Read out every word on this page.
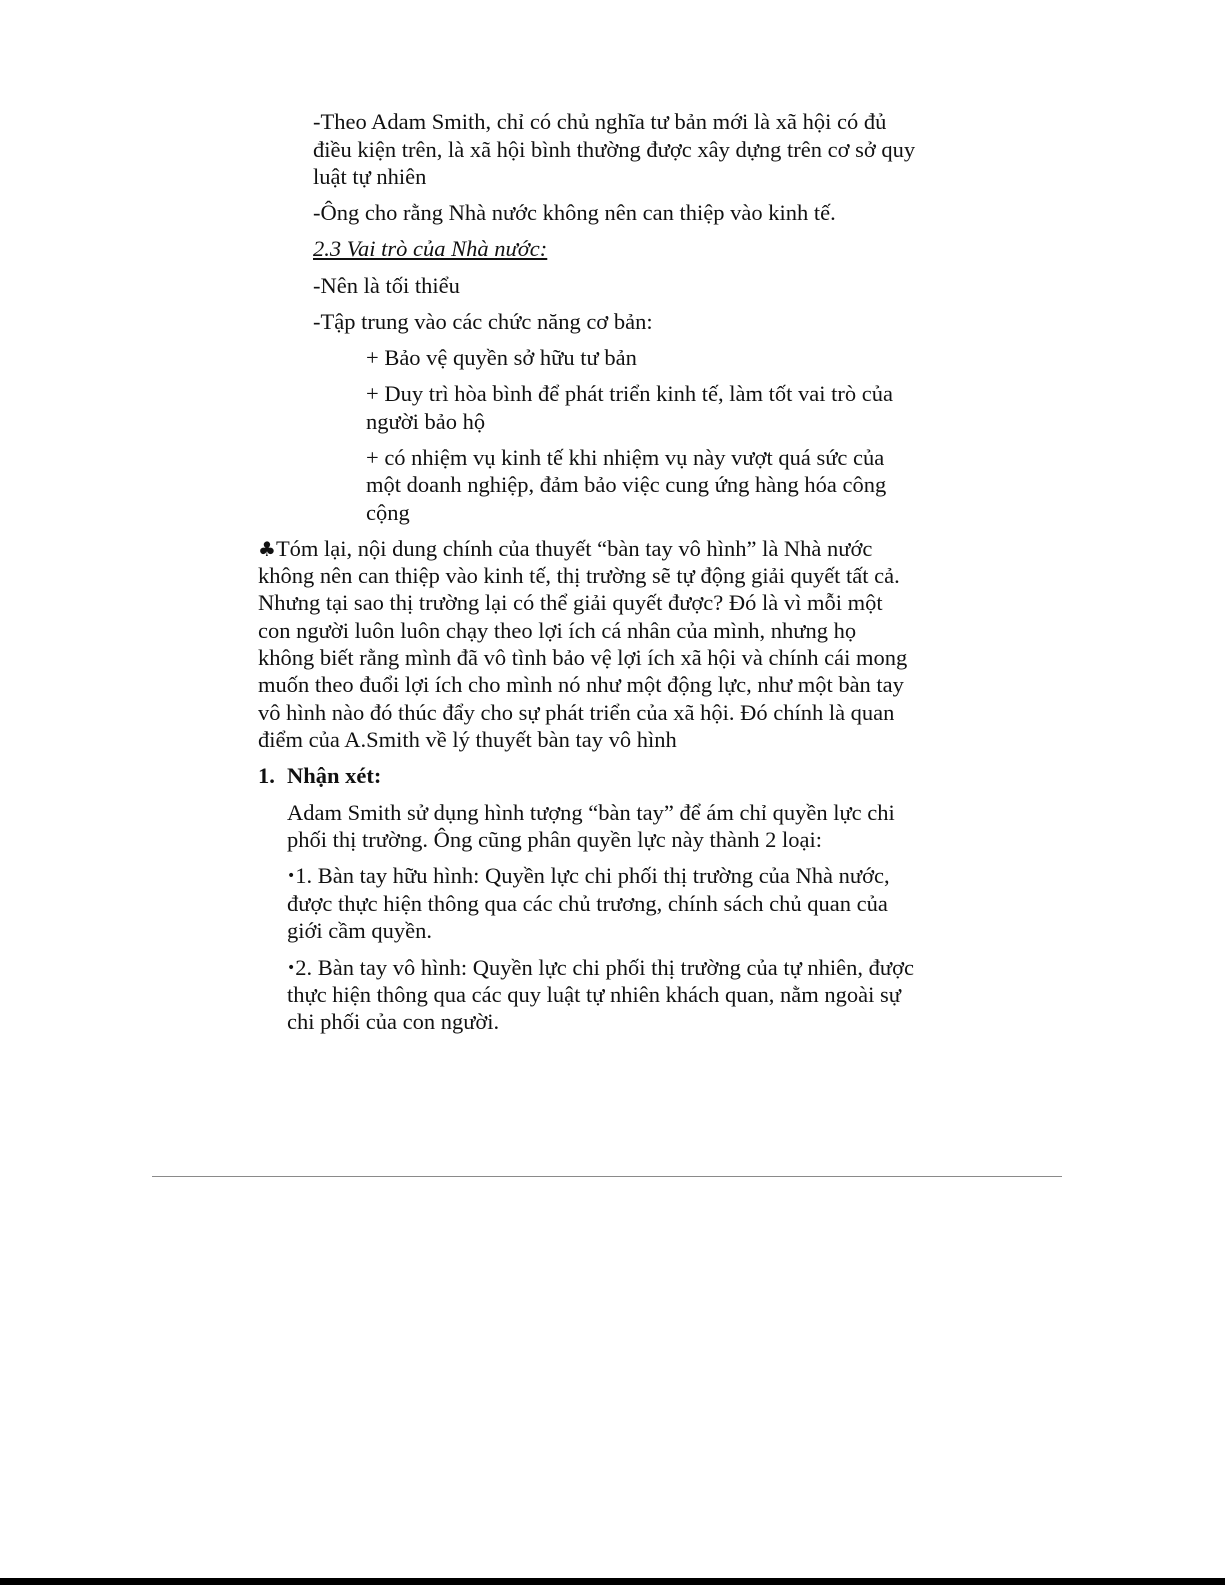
-Theo Adam Smith, chỉ có chủ nghĩa tư bản mới là xã hội có đủ

điều kiện trên, là xã hội bình thường được xây dựng trên cơ sở quy

luật tự nhiên

-Ông cho rằng Nhà nước không nên can thiệp vào kinh tế.

2.3 Vai trò của Nhà nước:

-Nên là tối thiểu

-Tập trung vào các chức năng cơ bản:

+ Bảo vệ quyền sở hữu tư bản

+ Duy trì hòa bình để phát triển kinh tế, làm tốt vai trò của

người bảo hộ

+ có nhiệm vụ kinh tế khi nhiệm vụ này vượt quá sức của

một doanh nghiệp, đảm bảo việc cung ứng hàng hóa công

cộng

♣Tóm lại, nội dung chính của thuyết “bàn tay vô hình” là Nhà nước

không nên can thiệp vào kinh tế, thị trường sẽ tự động giải quyết tất cả.

Nhưng tại sao thị trường lại có thể giải quyết được? Đó là vì mỗi một

con người luôn luôn chạy theo lợi ích cá nhân của mình, nhưng họ

không biết rằng mình đã vô tình bảo vệ lợi ích xã hội và chính cái mong

muốn theo đuổi lợi ích cho mình nó như một động lực, như một bàn tay

vô hình nào đó thúc đẩy cho sự phát triển của xã hội. Đó chính là quan

điểm của A.Smith về lý thuyết bàn tay vô hình

1. Nhận xét:

Adam Smith sử dụng hình tượng “bàn tay” để ám chỉ quyền lực chi

phối thị trường. Ông cũng phân quyền lực này thành 2 loại:

•1. Bàn tay hữu hình: Quyền lực chi phối thị trường của Nhà nước,

được thực hiện thông qua các chủ trương, chính sách chủ quan của

giới cầm quyền.

•2. Bàn tay vô hình: Quyền lực chi phối thị trường của tự nhiên, được

thực hiện thông qua các quy luật tự nhiên khách quan, nằm ngoài sự

chi phối của con người.
